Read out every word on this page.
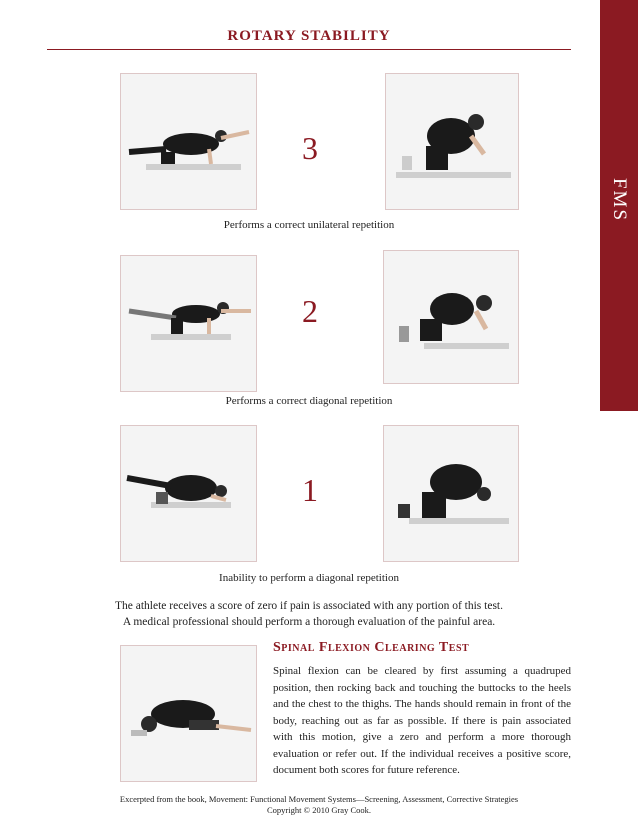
ROTARY STABILITY
FMS
3
Performs a correct unilateral repetition
2
Performs a correct diagonal repetition
1
Inability to perform a diagonal repetition
The athlete receives a score of zero if pain is associated with any portion of this test.
A medical professional should perform a thorough evaluation of the painful area.
Spinal Flexion Clearing Test
Spinal flexion can be cleared by first assuming a quadruped position, then rocking back and touching the buttocks to the heels and the chest to the thighs. The hands should remain in front of the body, reaching out as far as possible. If there is pain associated with this motion, give a zero and perform a more thorough evaluation or refer out. If the individual receives a positive score, document both scores for future reference.
Excerpted from the book, Movement: Functional Movement Systems—Screening, Assessment, Corrective Strategies
Copyright © 2010 Gray Cook.
